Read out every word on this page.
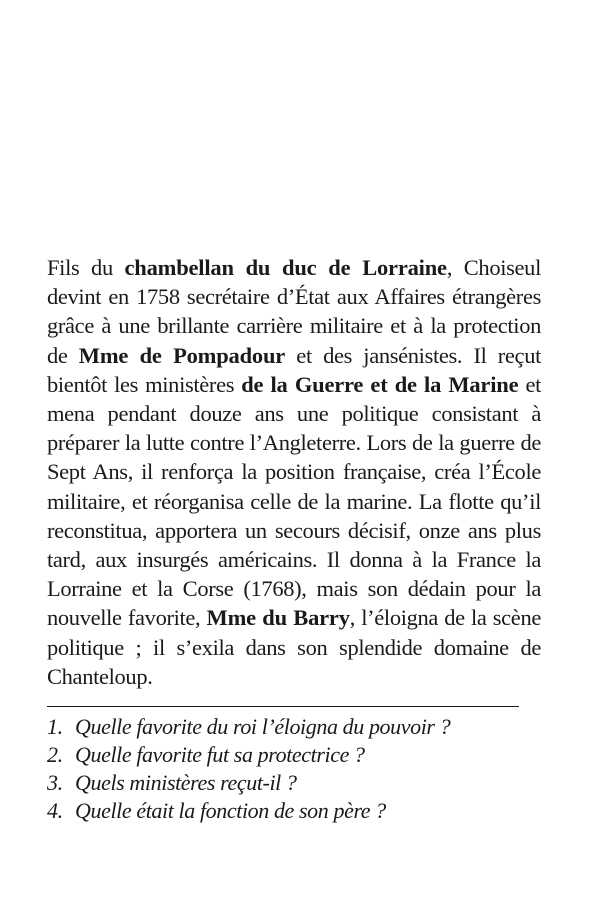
Fils du chambellan du duc de Lorraine, Choiseul devint en 1758 secrétaire d’État aux Affaires étrangères grâce à une brillante carrière militaire et à la protection de Mme de Pompadour et des jansénistes. Il reçut bientôt les ministères de la Guerre et de la Marine et mena pendant douze ans une politique consistant à préparer la lutte contre l’Angleterre. Lors de la guerre de Sept Ans, il renforça la position française, créa l’École militaire, et réorganisa celle de la marine. La flotte qu’il reconstitua, apportera un secours décisif, onze ans plus tard, aux insurgés américains. Il donna à la France la Lorraine et la Corse (1768), mais son dédain pour la nouvelle favorite, Mme du Barry, l’éloigna de la scène politique ; il s’exila dans son splendide domaine de Chanteloup.

1. Quelle favorite du roi l’éloigna du pouvoir ?
2. Quelle favorite fut sa protectrice ?
3. Quels ministères reçut-il ?
4. Quelle était la fonction de son père ?
